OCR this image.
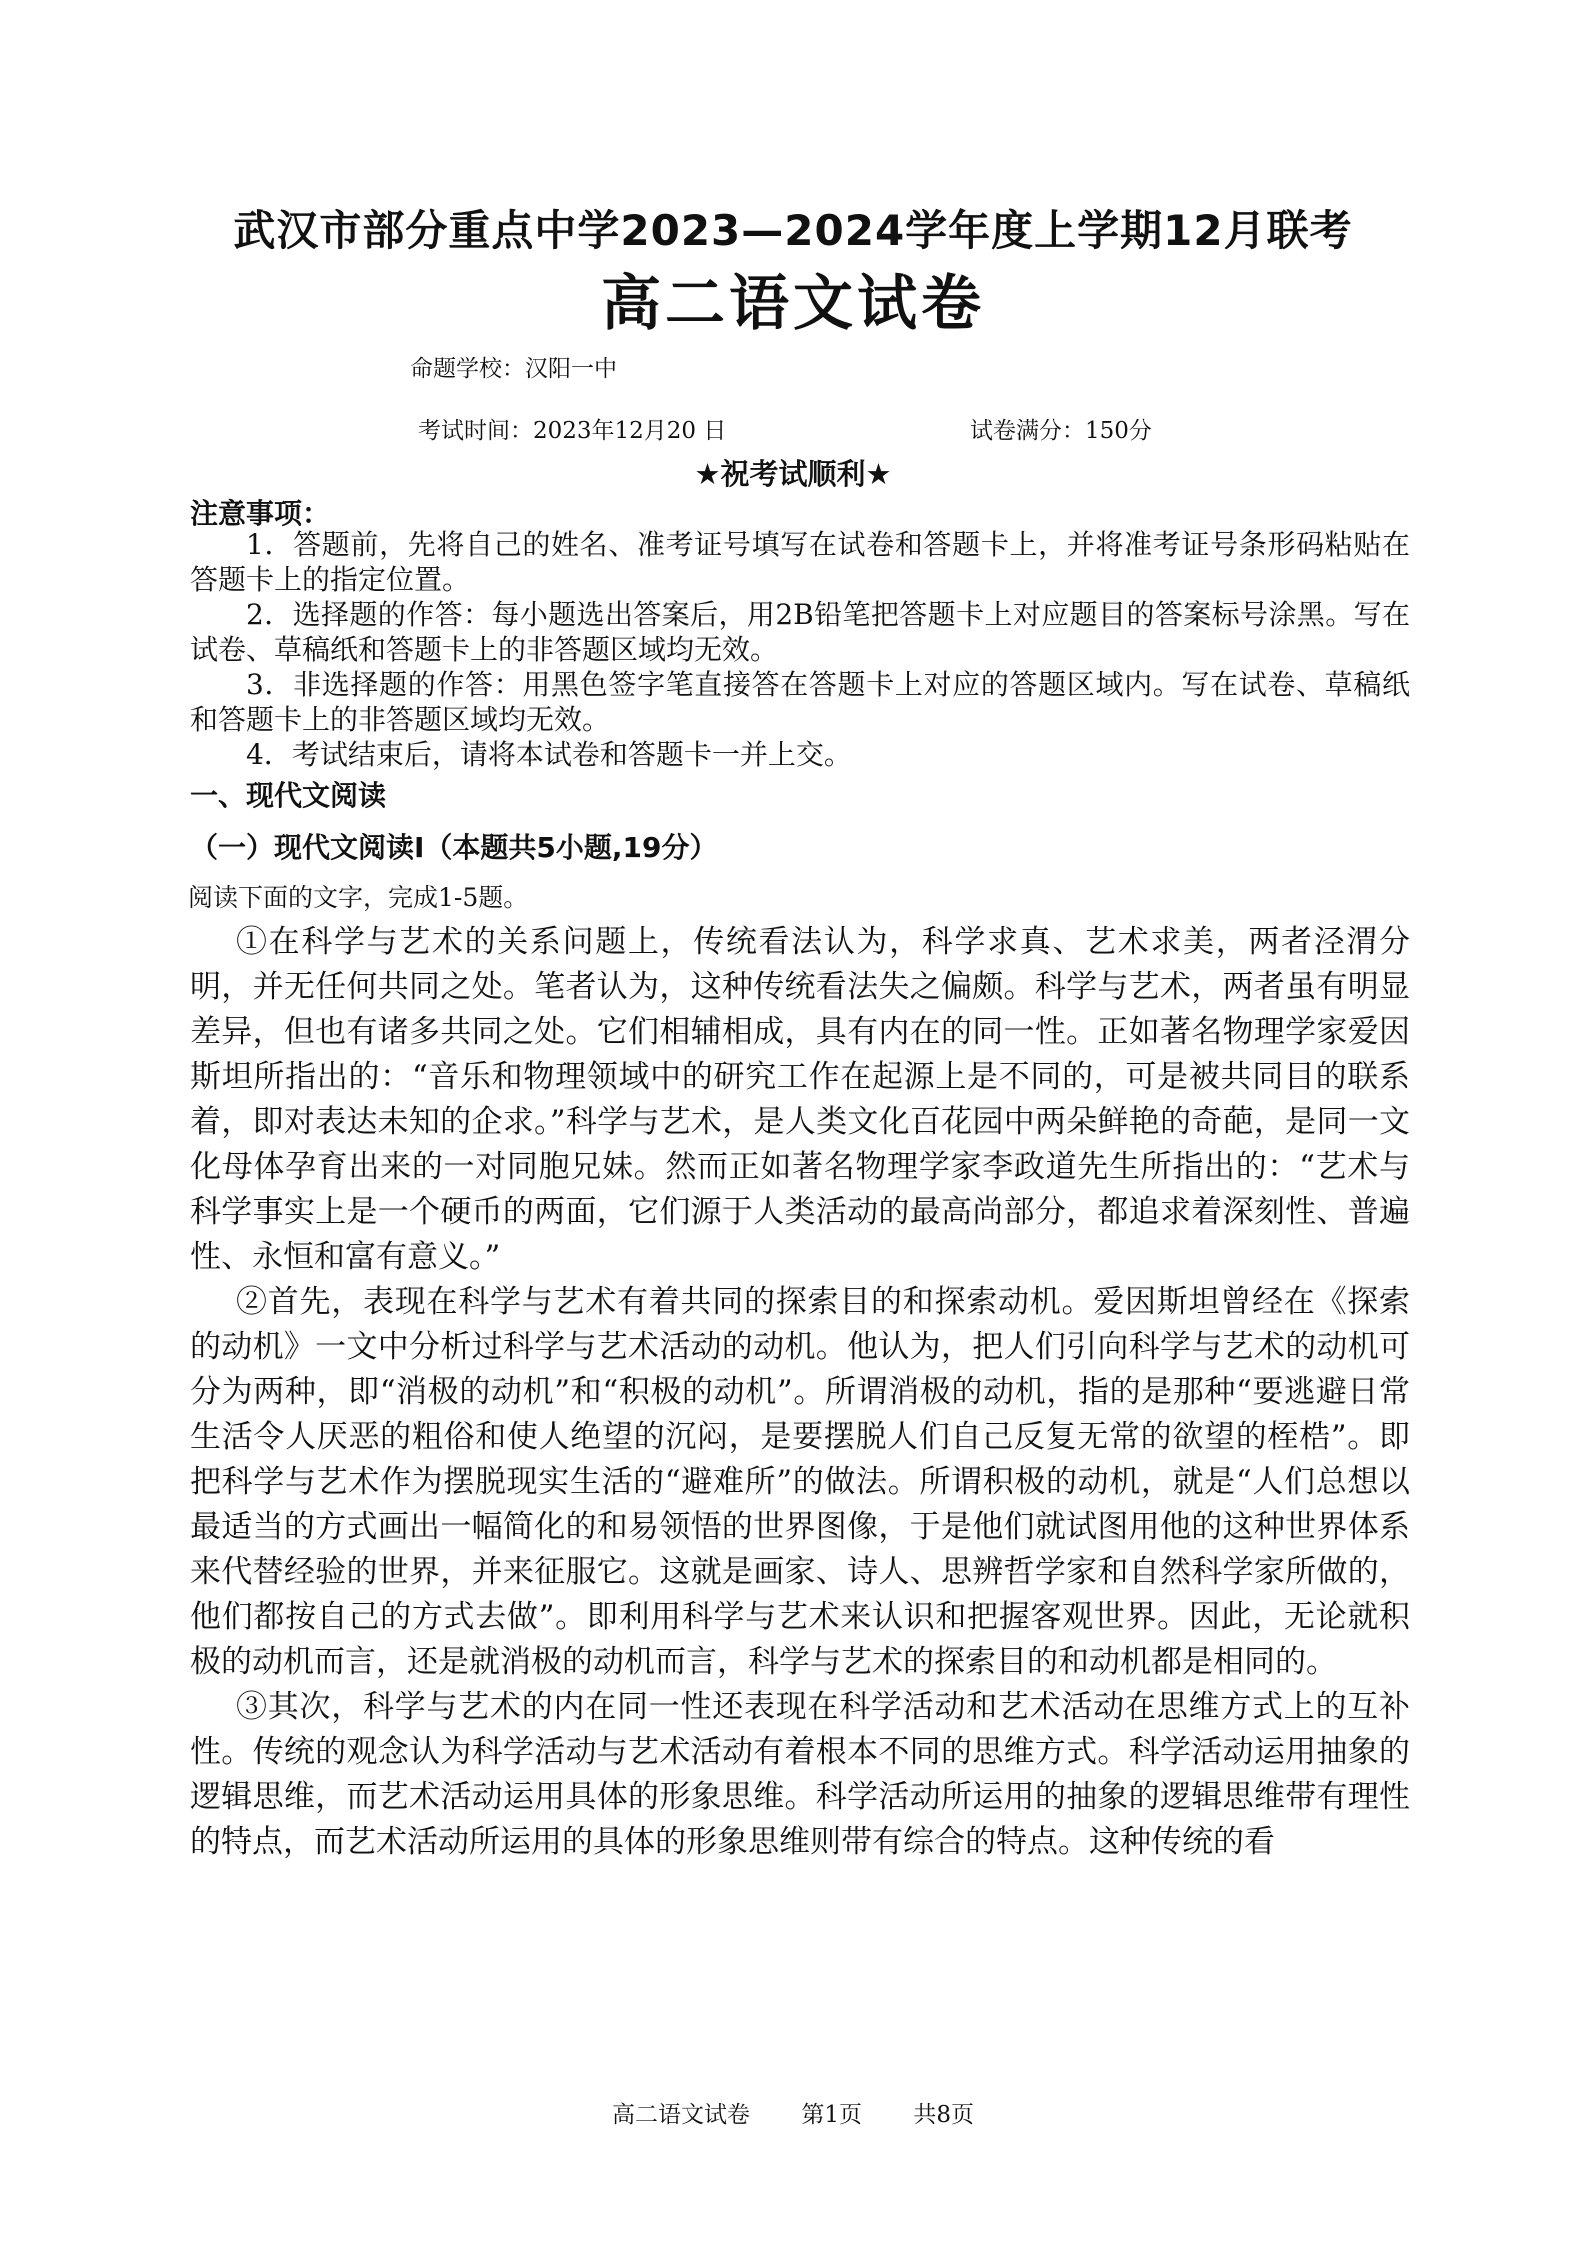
武汉市部分重点中学2023—2024学年度上学期12月联考
高二语文试卷
命题学校：汉阳一中
考试时间：2023年12月20 日	试卷满分：150分
★祝考试顺利★
注意事项：

1．答题前，先将自己的姓名、准考证号填写在试卷和答题卡上，并将准考证号条形码粘贴在答题卡上的指定位置。

2．选择题的作答：每小题选出答案后，用2B铅笔把答题卡上对应题目的答案标号涂黑。写在试卷、草稿纸和答题卡上的非答题区域均无效。

3．非选择题的作答：用黑色签字笔直接答在答题卡上对应的答题区域内。写在试卷、草稿纸和答题卡上的非答题区域均无效。

4．考试结束后，请将本试卷和答题卡一并上交。

一、现代文阅读
（一）现代文阅读Ⅰ（本题共5小题,19分）
阅读下面的文字，完成1-5题。

①在科学与艺术的关系问题上，传统看法认为，科学求真、艺术求美，两者泾渭分明，并无任何共同之处。笔者认为，这种传统看法失之偏颇。科学与艺术，两者虽有明显差异，但也有诸多共同之处。它们相辅相成，具有内在的同一性。正如著名物理学家爱因斯坦所指出的：“音乐和物理领域中的研究工作在起源上是不同的，可是被共同目的联系着，即对表达未知的企求。”科学与艺术，是人类文化百花园中两朵鲜艳的奇葩，是同一文化母体孕育出来的一对同胞兄妹。然而正如著名物理学家李政道先生所指出的：“艺术与科学事实上是一个硬币的两面，它们源于人类活动的最高尚部分，都追求着深刻性、普遍性、永恒和富有意义。”

②首先，表现在科学与艺术有着共同的探索目的和探索动机。爱因斯坦曾经在《探索的动机》一文中分析过科学与艺术活动的动机。他认为，把人们引向科学与艺术的动机可分为两种，即“消极的动机”和“积极的动机”。所谓消极的动机，指的是那种“要逃避日常生活令人厌恶的粗俗和使人绝望的沉闷，是要摆脱人们自己反复无常的欲望的桎梏”。即把科学与艺术作为摆脱现实生活的“避难所”的做法。所谓积极的动机，就是“人们总想以最适当的方式画出一幅简化的和易领悟的世界图像，于是他们就试图用他的这种世界体系来代替经验的世界，并来征服它。这就是画家、诗人、思辨哲学家和自然科学家所做的，他们都按自己的方式去做”。即利用科学与艺术来认识和把握客观世界。因此，无论就积极的动机而言，还是就消极的动机而言，科学与艺术的探索目的和动机都是相同的。

③其次，科学与艺术的内在同一性还表现在科学活动和艺术活动在思维方式上的互补性。传统的观念认为科学活动与艺术活动有着根本不同的思维方式。科学活动运用抽象的逻辑思维，而艺术活动运用具体的形象思维。科学活动所运用的抽象的逻辑思维带有理性的特点，而艺术活动所运用的具体的形象思维则带有综合的特点。这种传统的看

高二语文试卷 第1页 共8页
